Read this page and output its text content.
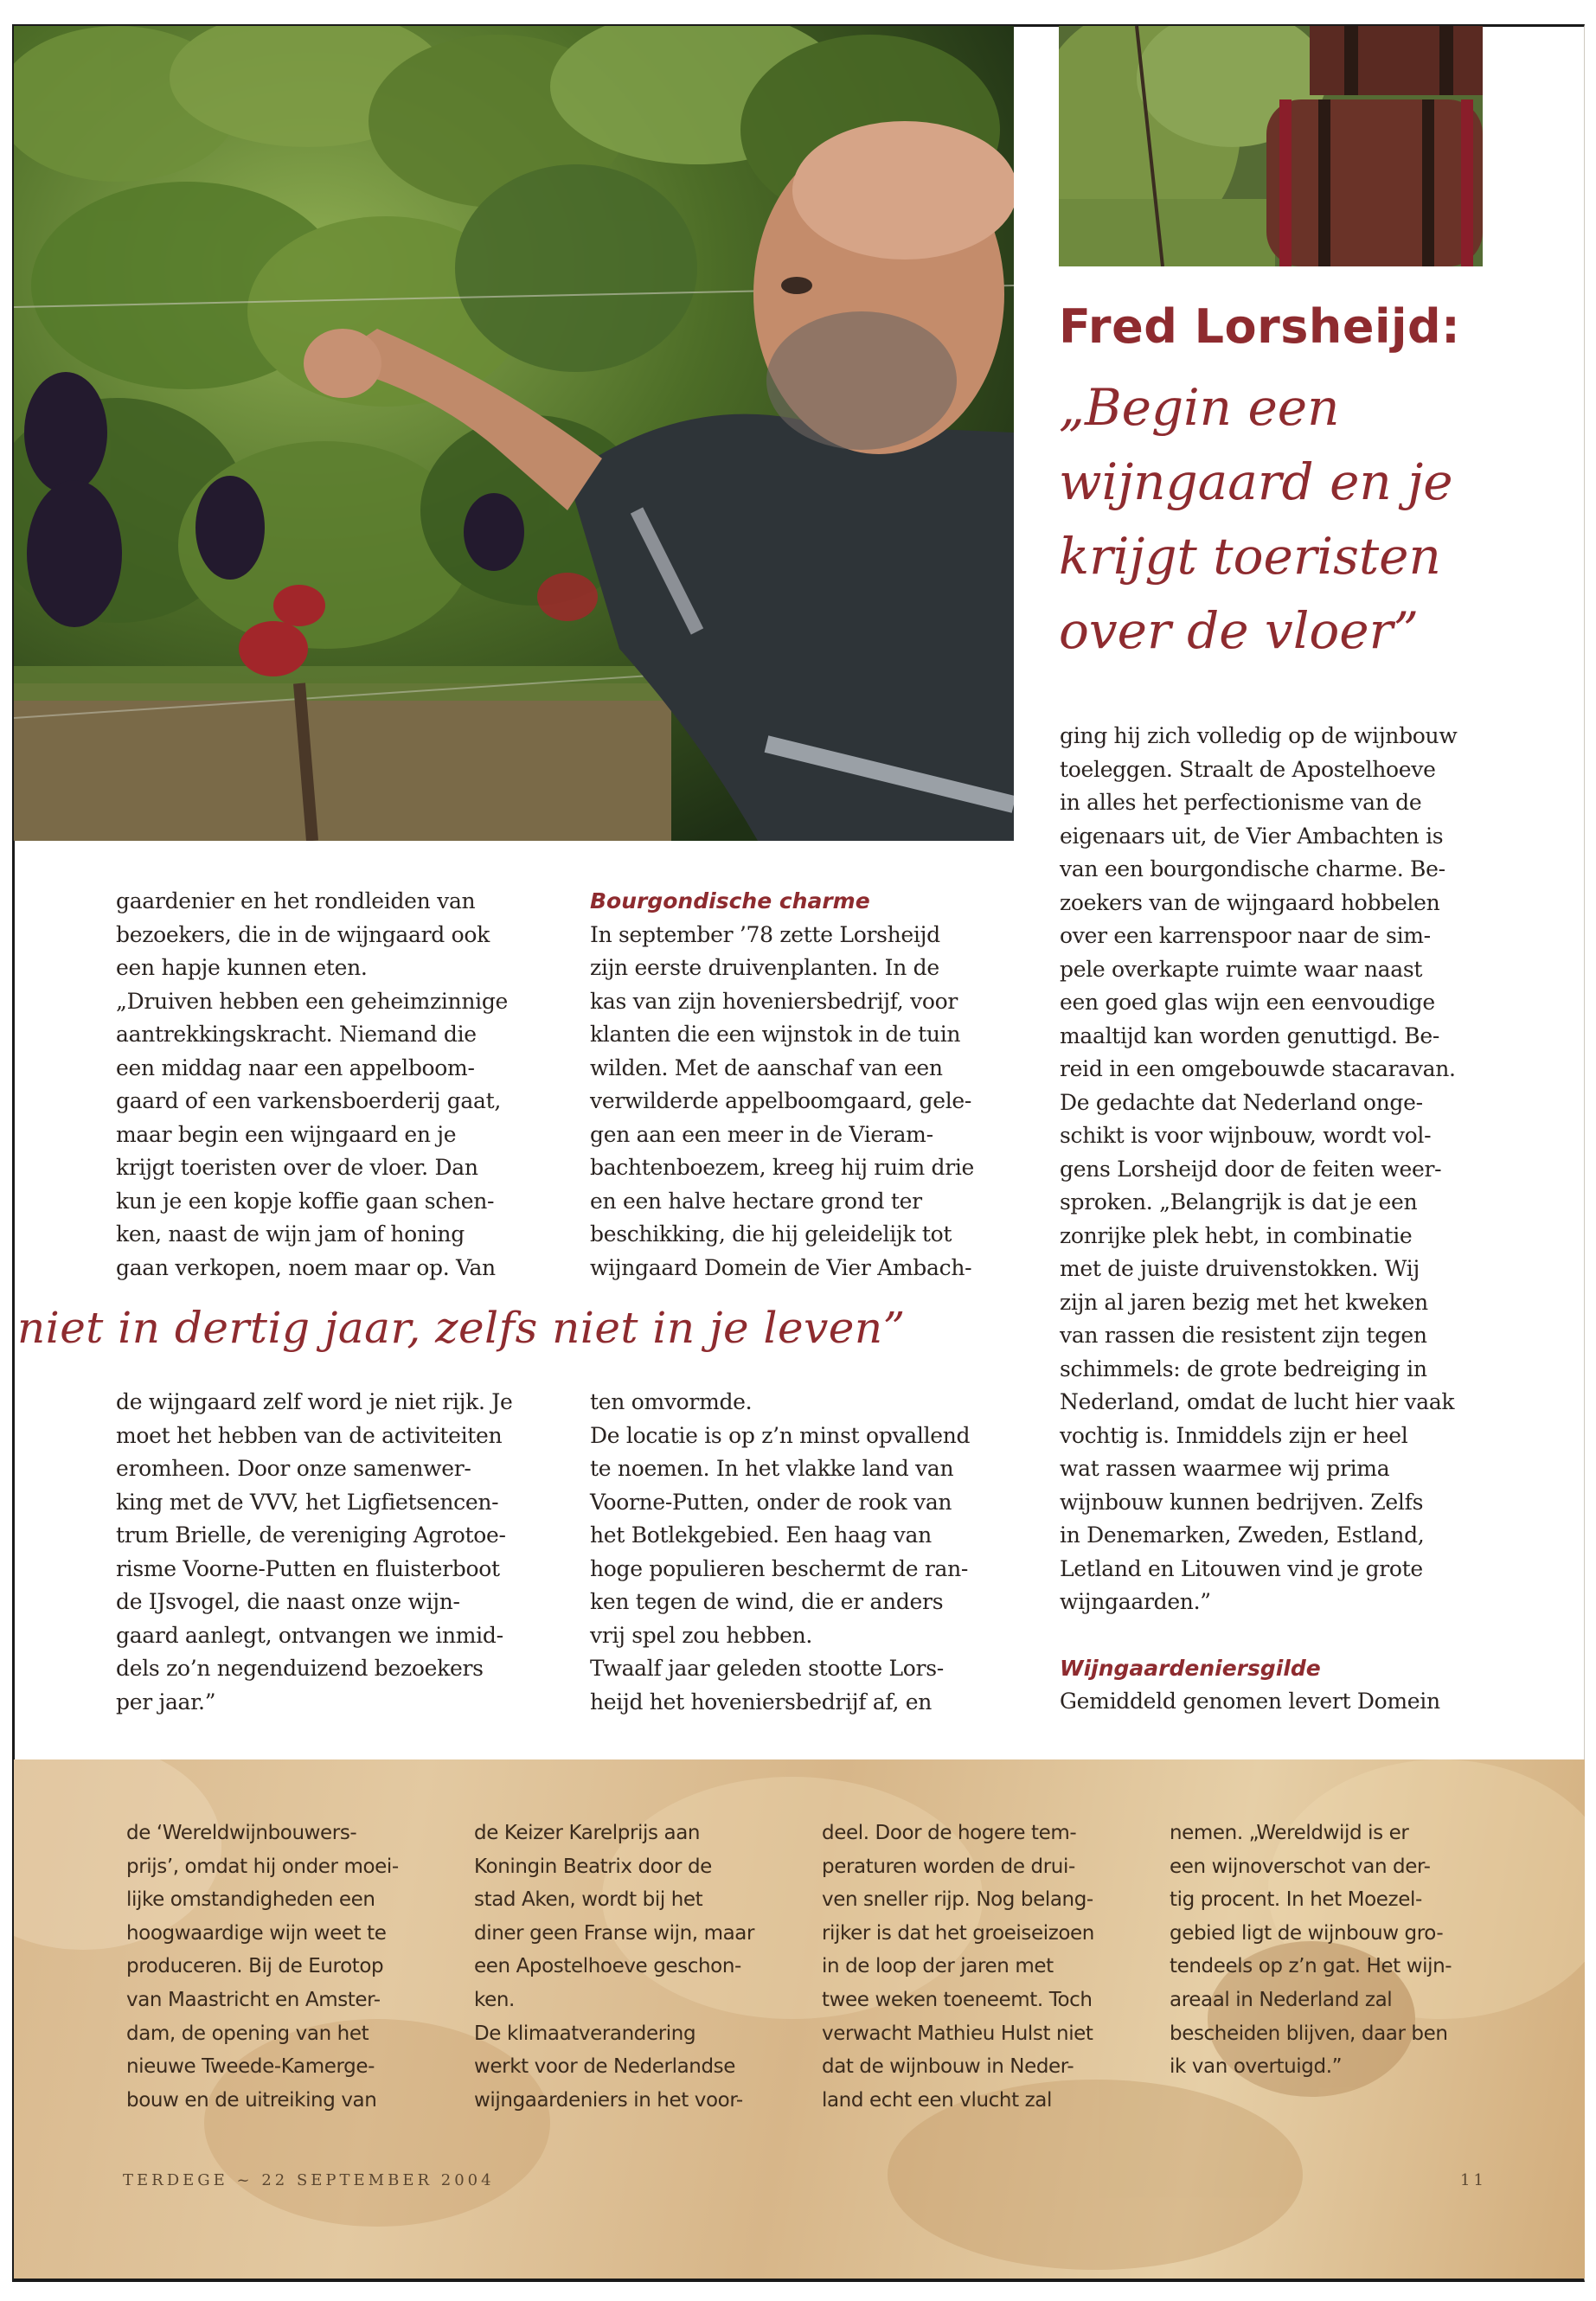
Fred Lorsheijd:
„Begin een
wijngaard en je
krijgt toeristen
over de vloer”
gaardenier en het rondleiden van
bezoekers, die in de wijngaard ook
een hapje kunnen eten.
„Druiven hebben een geheimzinnige
aantrekkingskracht. Niemand die
een middag naar een appelboom-
gaard of een varkensboerderij gaat,
maar begin een wijngaard en je
krijgt toeristen over de vloer. Dan
kun je een kopje koffie gaan schen-
ken, naast de wijn jam of honing
gaan verkopen, noem maar op. Van
niet in dertig jaar, zelfs niet in je leven”
de wijngaard zelf word je niet rijk. Je
moet het hebben van de activiteiten
eromheen. Door onze samenwer-
king met de VVV, het Ligfietsencen-
trum Brielle, de vereniging Agrotoe-
risme Voorne-Putten en fluisterboot
de IJsvogel, die naast onze wijn-
gaard aanlegt, ontvangen we inmid-
dels zo’n negenduizend bezoekers
per jaar.”
Bourgondische charme
In september ’78 zette Lorsheijd
zijn eerste druivenplanten. In de
kas van zijn hoveniersbedrijf, voor
klanten die een wijnstok in de tuin
wilden. Met de aanschaf van een
verwilderde appelboomgaard, gele-
gen aan een meer in de Vieram-
bachtenboezem, kreeg hij ruim drie
en een halve hectare grond ter
beschikking, die hij geleidelijk tot
wijngaard Domein de Vier Ambach-
ten omvormde.
De locatie is op z’n minst opvallend
te noemen. In het vlakke land van
Voorne-Putten, onder de rook van
het Botlekgebied. Een haag van
hoge populieren beschermt de ran-
ken tegen de wind, die er anders
vrij spel zou hebben.
Twaalf jaar geleden stootte Lors-
heijd het hoveniersbedrijf af, en
ging hij zich volledig op de wijnbouw
toeleggen. Straalt de Apostelhoeve
in alles het perfectionisme van de
eigenaars uit, de Vier Ambachten is
van een bourgondische charme. Be-
zoekers van de wijngaard hobbelen
over een karrenspoor naar de sim-
pele overkapte ruimte waar naast
een goed glas wijn een eenvoudige
maaltijd kan worden genuttigd. Be-
reid in een omgebouwde stacaravan.
De gedachte dat Nederland onge-
schikt is voor wijnbouw, wordt vol-
gens Lorsheijd door de feiten weer-
sproken. „Belangrijk is dat je een
zonrijke plek hebt, in combinatie
met de juiste druivenstokken. Wij
zijn al jaren bezig met het kweken
van rassen die resistent zijn tegen
schimmels: de grote bedreiging in
Nederland, omdat de lucht hier vaak
vochtig is. Inmiddels zijn er heel
wat rassen waarmee wij prima
wijnbouw kunnen bedrijven. Zelfs
in Denemarken, Zweden, Estland,
Letland en Litouwen vind je grote
wijngaarden.”
Wijngaardeniersgilde
Gemiddeld genomen levert Domein
de ‘Wereldwijnbouwers-
prijs’, omdat hij onder moei-
lijke omstandigheden een
hoogwaardige wijn weet te
produceren. Bij de Eurotop
van Maastricht en Amster-
dam, de opening van het
nieuwe Tweede-Kamerge-
bouw en de uitreiking van
de Keizer Karelprijs aan
Koningin Beatrix door de
stad Aken, wordt bij het
diner geen Franse wijn, maar
een Apostelhoeve geschon-
ken.
De klimaatverandering
werkt voor de Nederlandse
wijngaardeniers in het voor-
deel. Door de hogere tem-
peraturen worden de drui-
ven sneller rijp. Nog belang-
rijker is dat het groeiseizoen
in de loop der jaren met
twee weken toeneemt. Toch
verwacht Mathieu Hulst niet
dat de wijnbouw in Neder-
land echt een vlucht zal
nemen. „Wereldwijd is er
een wijnoverschot van der-
tig procent. In het Moezel-
gebied ligt de wijnbouw gro-
tendeels op z’n gat. Het wijn-
areaal in Nederland zal
bescheiden blijven, daar ben
ik van overtuigd.”
TERDEGE ~ 22 SEPTEMBER 2004	11
